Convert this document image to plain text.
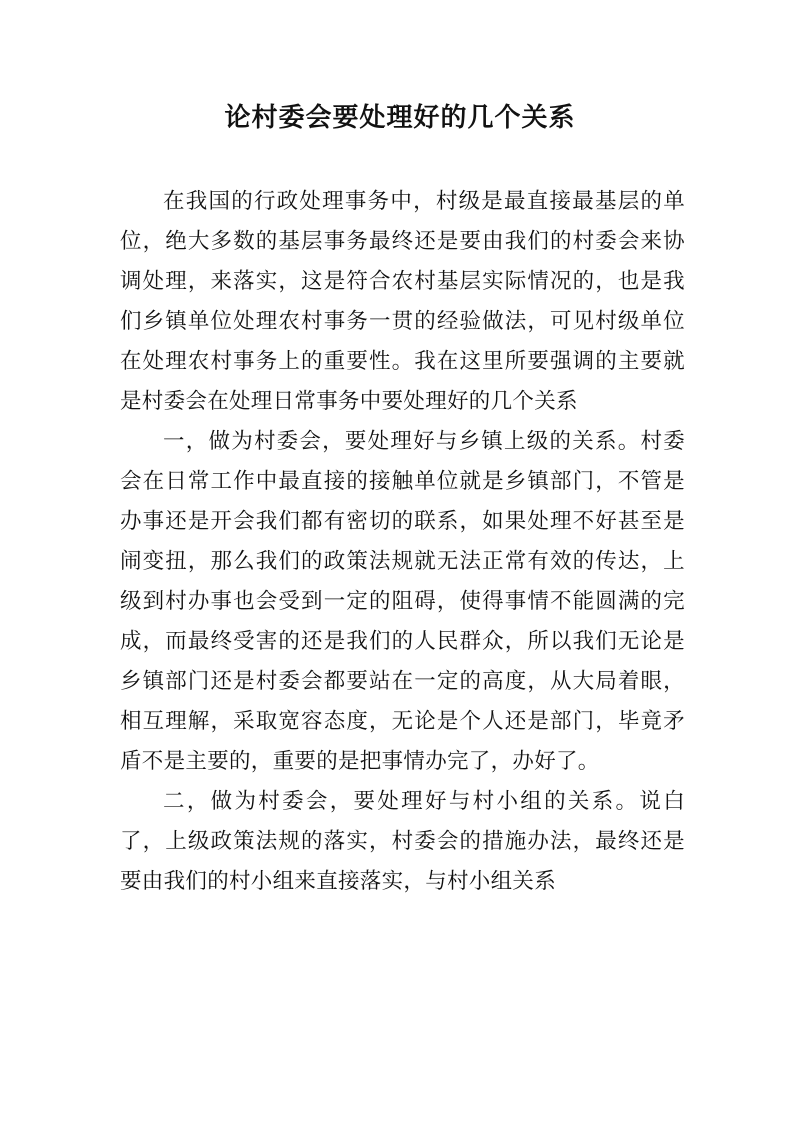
论村委会要处理好的几个关系

在我国的行政处理事务中，村级是最直接最基层的单位，绝大多数的基层事务最终还是要由我们的村委会来协调处理，来落实，这是符合农村基层实际情况的，也是我们乡镇单位处理农村事务一贯的经验做法，可见村级单位在处理农村事务上的重要性。我在这里所要强调的主要就是村委会在处理日常事务中要处理好的几个关系

一，做为村委会，要处理好与乡镇上级的关系。村委会在日常工作中最直接的接触单位就是乡镇部门，不管是办事还是开会我们都有密切的联系，如果处理不好甚至是闹变扭，那么我们的政策法规就无法正常有效的传达，上级到村办事也会受到一定的阻碍，使得事情不能圆满的完成，而最终受害的还是我们的人民群众，所以我们无论是乡镇部门还是村委会都要站在一定的高度，从大局着眼，相互理解，采取宽容态度，无论是个人还是部门，毕竟矛盾不是主要的，重要的是把事情办完了，办好了。

二，做为村委会，要处理好与村小组的关系。说白了，上级政策法规的落实，村委会的措施办法，最终还是要由我们的村小组来直接落实，与村小组关系
